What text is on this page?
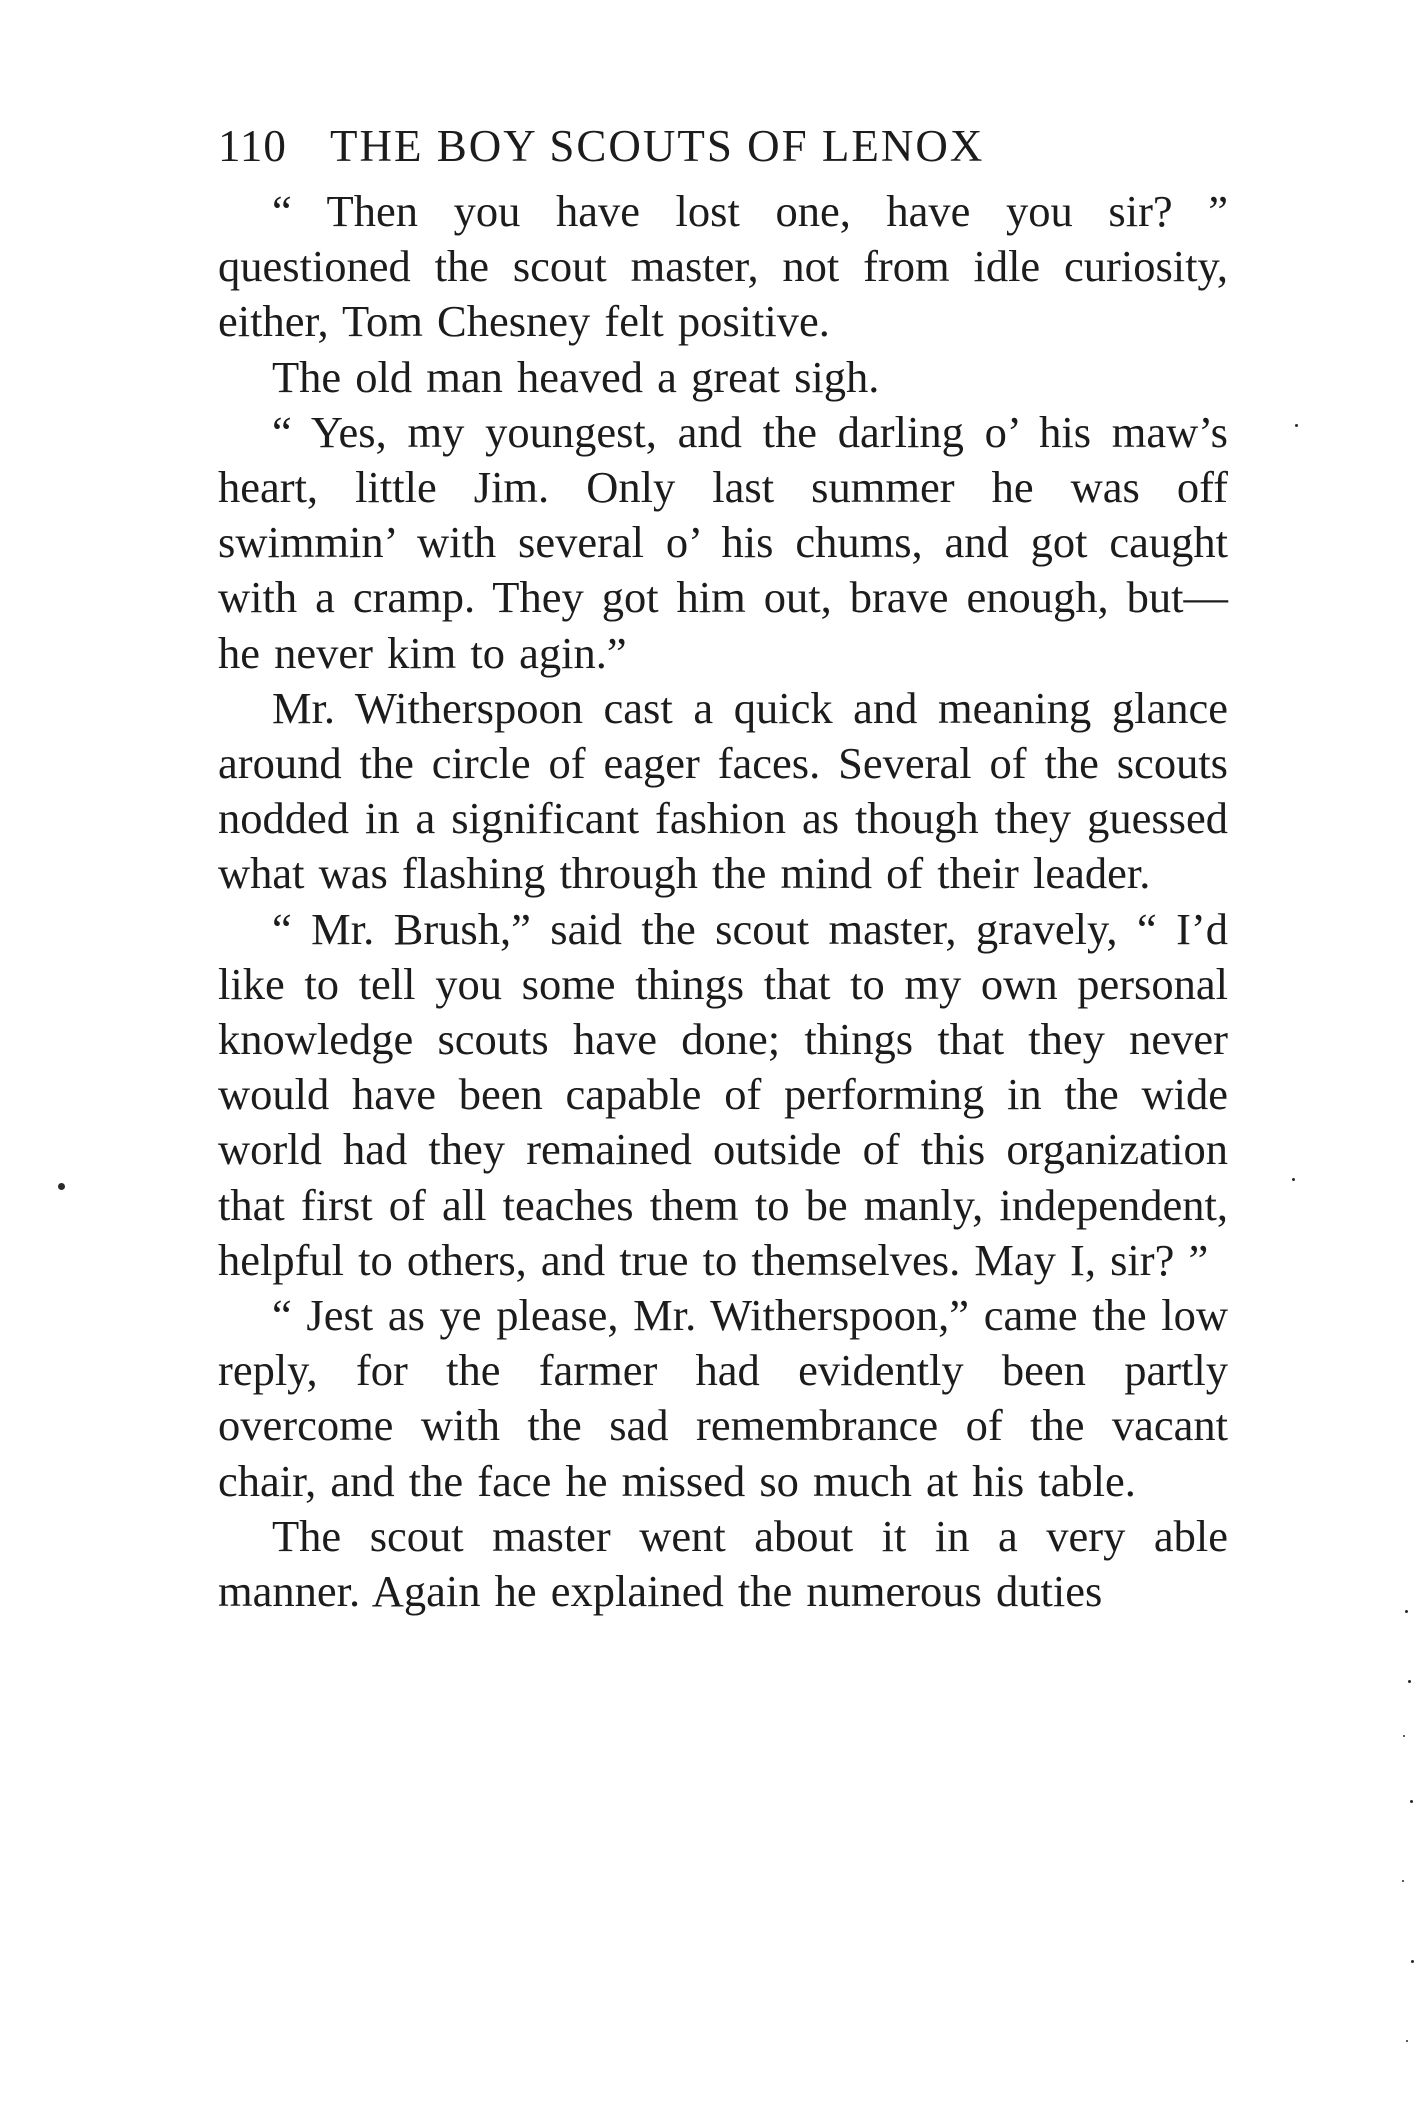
110 THE BOY SCOUTS OF LENOX

“ Then you have lost one, have you sir? ” questioned the scout master, not from idle curiosity, either, Tom Chesney felt positive.

The old man heaved a great sigh.

“ Yes, my youngest, and the darling o’ his maw’s heart, little Jim. Only last summer he was off swimmin’ with several o’ his chums, and got caught with a cramp. They got him out, brave enough, but—he never kim to agin.”

Mr. Witherspoon cast a quick and meaning glance around the circle of eager faces. Several of the scouts nodded in a significant fashion as though they guessed what was flashing through the mind of their leader.

“ Mr. Brush,” said the scout master, gravely, “ I’d like to tell you some things that to my own personal knowledge scouts have done; things that they never would have been capable of performing in the wide world had they remained outside of this organization that first of all teaches them to be manly, independent, helpful to others, and true to themselves. May I, sir? ”

“ Jest as ye please, Mr. Witherspoon,” came the low reply, for the farmer had evidently been partly overcome with the sad remembrance of the vacant chair, and the face he missed so much at his table.

The scout master went about it in a very able manner. Again he explained the numerous duties
